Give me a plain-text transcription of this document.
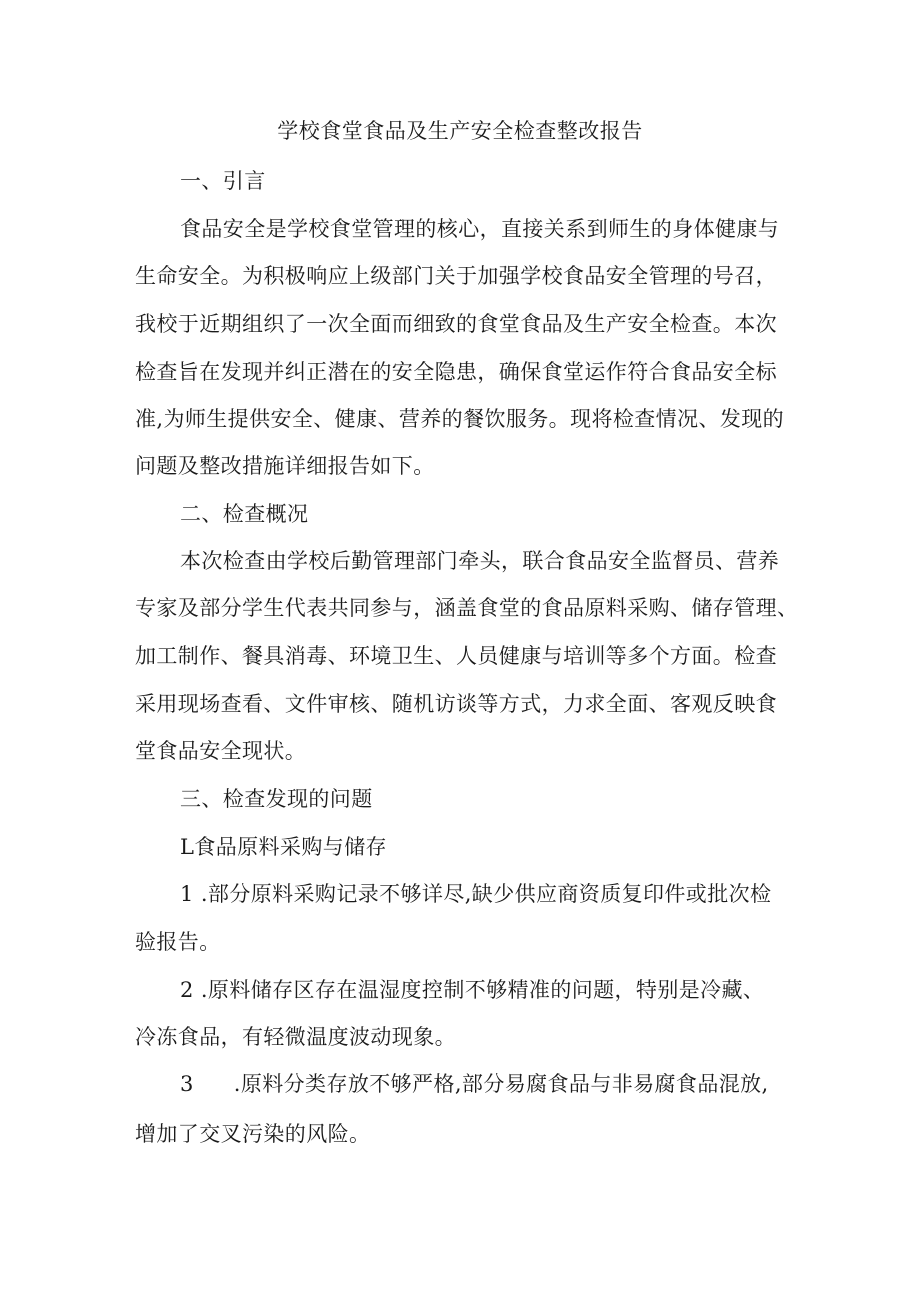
学校食堂食品及生产安全检查整改报告
一、引言
食品安全是学校食堂管理的核心，直接关系到师生的身体健康与
生命安全。为积极响应上级部门关于加强学校食品安全管理的号召，
我校于近期组织了一次全面而细致的食堂食品及生产安全检查。本次
检查旨在发现并纠正潜在的安全隐患，确保食堂运作符合食品安全标
准,为师生提供安全、健康、营养的餐饮服务。现将检查情况、发现的
问题及整改措施详细报告如下。
二、检查概况
本次检查由学校后勤管理部门牵头，联合食品安全监督员、营养
专家及部分学生代表共同参与，涵盖食堂的食品原料采购、储存管理、
加工制作、餐具消毒、环境卫生、人员健康与培训等多个方面。检查
采用现场查看、文件审核、随机访谈等方式，力求全面、客观反映食
堂食品安全现状。
三、检查发现的问题
L食品原料采购与储存
1 .部分原料采购记录不够详尽,缺少供应商资质复印件或批次检
验报告。
2 .原料储存区存在温湿度控制不够精准的问题，特别是冷藏、
冷冻食品，有轻微温度波动现象。
3 .原料分类存放不够严格,部分易腐食品与非易腐食品混放,
增加了交叉污染的风险。
